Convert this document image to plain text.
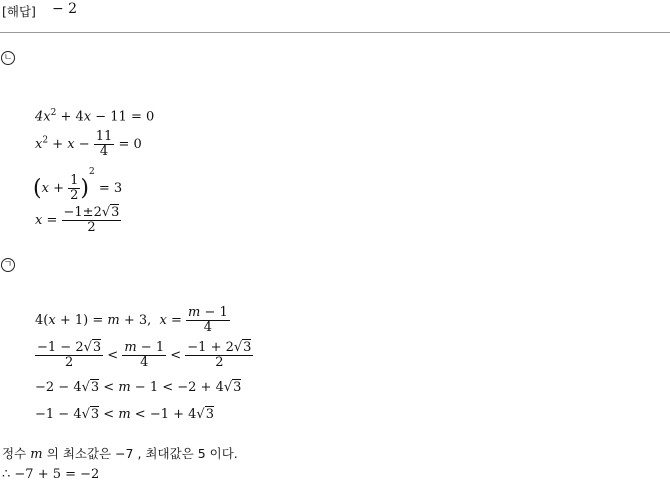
[해답] − 2
ㄴ
$4x^2 + 4x - 11 = 0$
$x^2 + x - \frac{11}{4} = 0$
$(x + \frac{1}{2} )^2 = 3$
$x = \frac{-1\pm 2√3}{2}$
ㄱ
4(x + 1) = m + 3,  $x = \frac{m - 1}{4}$
$\frac{-1 - 2√3}{2} < \frac{m - 1}{4} < \frac{-1 + 2√3}{2}$
−2 − 4√3 < m − 1 < −2 + 4√3
−1 − 4√3 < m < −1 + 4√3
정수 m 의 최소값은 −7 , 최대값은 5 이다.
∴ −7 + 5 = −2
